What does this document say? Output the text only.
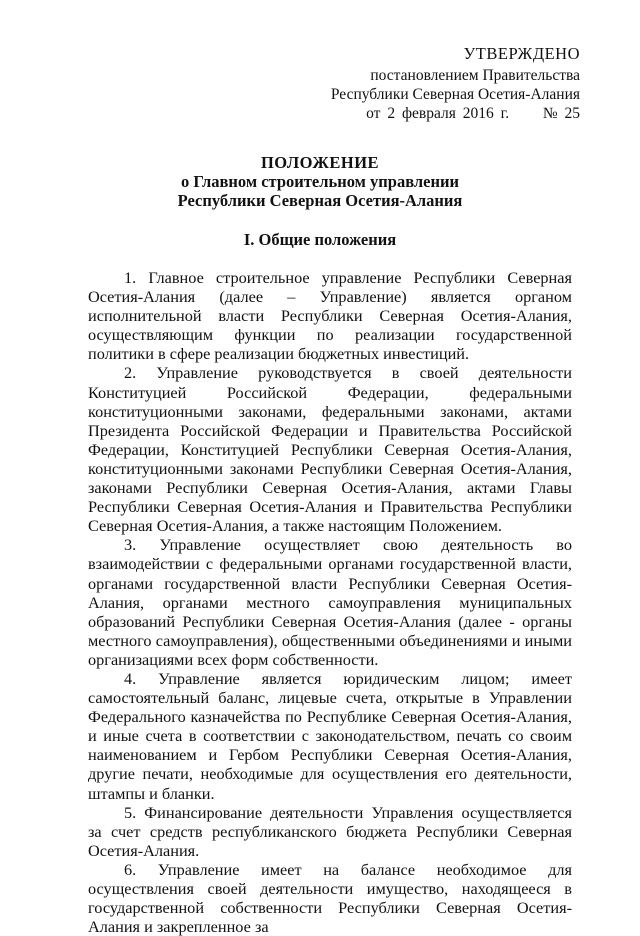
УТВЕРЖДЕНО
постановлением Правительства
Республики Северная Осетия-Алания
от 2 февраля 2016 г. № 25
ПОЛОЖЕНИЕ
о Главном строительном управлении
Республики Северная Осетия-Алания
I. Общие положения

1. Главное строительное управление Республики Северная Осетия-Алания (далее – Управление) является органом исполнительной власти Республики Северная Осетия-Алания, осуществляющим функции по реализации государственной политики в сфере реализации бюджетных инвестиций.

2. Управление руководствуется в своей деятельности Конституцией Российской Федерации, федеральными конституционными законами, федеральными законами, актами Президента Российской Федерации и Правительства Российской Федерации, Конституцией Республики Северная Осетия-Алания, конституционными законами Республики Северная Осетия-Алания, законами Республики Северная Осетия-Алания, актами Главы Республики Северная Осетия-Алания и Правительства Республики Северная Осетия-Алания, а также настоящим Положением.

3. Управление осуществляет свою деятельность во взаимодействии с федеральными органами государственной власти, органами государственной власти Республики Северная Осетия-Алания, органами местного самоуправления муниципальных образований Республики Северная Осетия-Алания (далее - органы местного самоуправления), общественными объединениями и иными организациями всех форм собственности.

4. Управление является юридическим лицом; имеет самостоятельный баланс, лицевые счета, открытые в Управлении Федерального казначейства по Республике Северная Осетия-Алания, и иные счета в соответствии с законодательством, печать со своим наименованием и Гербом Республики Северная Осетия-Алания, другие печати, необходимые для осуществления его деятельности, штампы и бланки.

5. Финансирование деятельности Управления осуществляется за счет средств республиканского бюджета Республики Северная Осетия-Алания.

6. Управление имеет на балансе необходимое для осуществления своей деятельности имущество, находящееся в государственной собственности Республики Северная Осетия-Алания и закрепленное за
